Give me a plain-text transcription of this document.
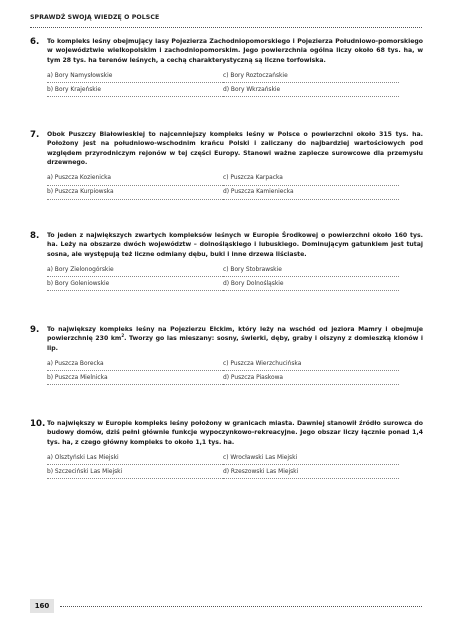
SPRAWDŹ SWOJĄ WIEDZĘ O POLSCE
6.	To kompleks leśny obejmujący lasy Pojezierza Zachodniopomorskiego i Pojezierza Południowo-pomorskiego w województwie wielkopolskim i zachodniopomorskim. Jego powierzchnia ogólna liczy około 68 tys. ha, w tym 28 tys. ha terenów leśnych, a cechą charakterystyczną są liczne torfowiska.
a) Bory Namysłowskie	c) Bory Roztoczańskie
b) Bory Krajeńskie	d) Bory Wkrzańskie
7.	Obok Puszczy Białowieskiej to najcenniejszy kompleks leśny w Polsce o powierzchni około 315 tys. ha. Położony jest na południowo-wschodnim krańcu Polski i zaliczany do najbardziej wartościowych pod względem przyrodniczym rejonów w tej części Europy. Stanowi ważne zaplecze surowcowe dla przemysłu drzewnego.
a) Puszcza Kozienicka	c) Puszcza Karpacka
b) Puszcza Kurpiowska	d) Puszcza Kamieniecka
8.	To jeden z największych zwartych kompleksów leśnych w Europie Środkowej o powierzchni około 160 tys. ha. Leży na obszarze dwóch województw – dolnośląskiego i lubuskiego. Dominującym gatunkiem jest tutaj sosna, ale występują też liczne odmiany dębu, buki i inne drzewa liściaste.
a) Bory Zielonogórskie	c) Bory Stobrawskie
b) Bory Goleniowskie	d) Bory Dolnośląskie
9.	To największy kompleks leśny na Pojezierzu Ełckim, który leży na wschód od jeziora Mamry i obejmuje powierzchnię 230 $km^2$. Tworzy go las mieszany: sosny, świerki, dęby, graby i olszyny z domieszką klonów i lip.
a) Puszcza Borecka	c) Puszcza Wierzchucińska
b) Puszcza Mielnicka	d) Puszcza Piaskowa
10. To największy w Europie kompleks leśny położony w granicach miasta. Dawniej stanowił źródło surowca do budowy domów, dziś pełni głównie funkcje wypoczynkowo-rekreacyjne. Jego obszar liczy łącznie ponad 1,4 tys. ha, z czego główny kompleks to około 1,1 tys. ha.
a) Olsztyński Las Miejski	c) Wrocławski Las Miejski
b) Szczeciński Las Miejski	d) Rzeszowski Las Miejski
160
